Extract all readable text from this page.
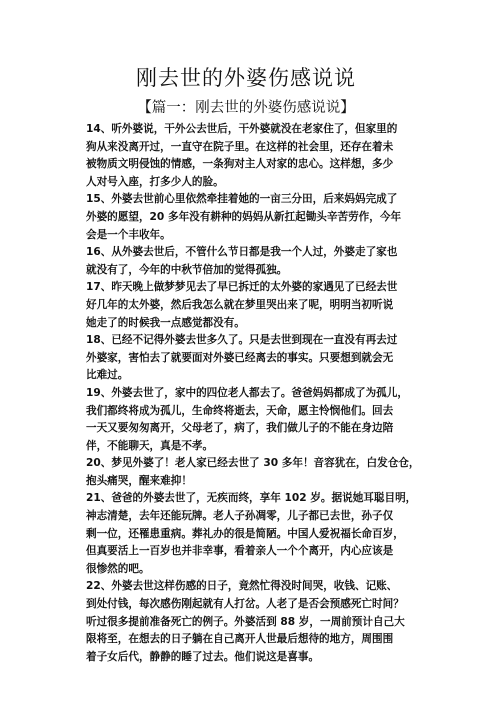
刚去世的外婆伤感说说
【篇一：刚去世的外婆伤感说说】

14、听外婆说，干外公去世后，干外婆就没在老家住了，但家里的
狗从来没离开过，一直守在院子里。在这样的社会里，还存在着未
被物质文明侵蚀的情感，一条狗对主人对家的忠心。这样想，多少
人对号入座，打多少人的脸。
15、外婆去世前心里依然牵挂着她的一亩三分田，后来妈妈完成了
外婆的愿望，20 多年没有耕种的妈妈从新扛起锄头辛苦劳作，今年
会是一个丰收年。
16、从外婆去世后，不管什么节日都是我一个人过，外婆走了家也
就没有了，今年的中秋节倍加的觉得孤独。
17、昨天晚上做梦梦见去了早已拆迁的太外婆的家遇见了已经去世
好几年的太外婆，然后我怎么就在梦里哭出来了呢，明明当初听说
她走了的时候我一点感觉都没有。
18、已经不记得外婆去世多久了。只是去世到现在一直没有再去过
外婆家，害怕去了就要面对外婆已经离去的事实。只要想到就会无
比难过。
19、外婆去世了，家中的四位老人都去了。爸爸妈妈都成了为孤儿，
我们都终将成为孤儿，生命终将逝去，天命，愿主怜悯他们。回去
一天又要匆匆离开，父母老了，病了，我们做儿子的不能在身边陪
伴，不能聊天，真是不孝。
20、梦见外婆了！老人家已经去世了 30 多年！音容犹在，白发仓仓，
抱头痛哭，醒来难抑！
21、爸爸的外婆去世了，无疾而终，享年 102 岁。据说她耳聪目明，
神志清楚，去年还能玩牌。老人子孙凋零，儿子都已去世，孙子仅
剩一位，还罹患重病。葬礼办的很是简陋。中国人爱祝福长命百岁，
但真要活上一百岁也并非幸事，看着亲人一个个离开，内心应该是
很惨然的吧。
22、外婆去世这样伤感的日子，竟然忙得没时间哭，收钱、记账、
到处付钱，每次感伤刚起就有人打岔。人老了是否会预感死亡时间？
听过很多提前准备死亡的例子。外婆活到 88 岁，一周前预计自己大
限将至，在想去的日子躺在自己离开人世最后想待的地方，周围围
着子女后代，静静的睡了过去。他们说这是喜事。
